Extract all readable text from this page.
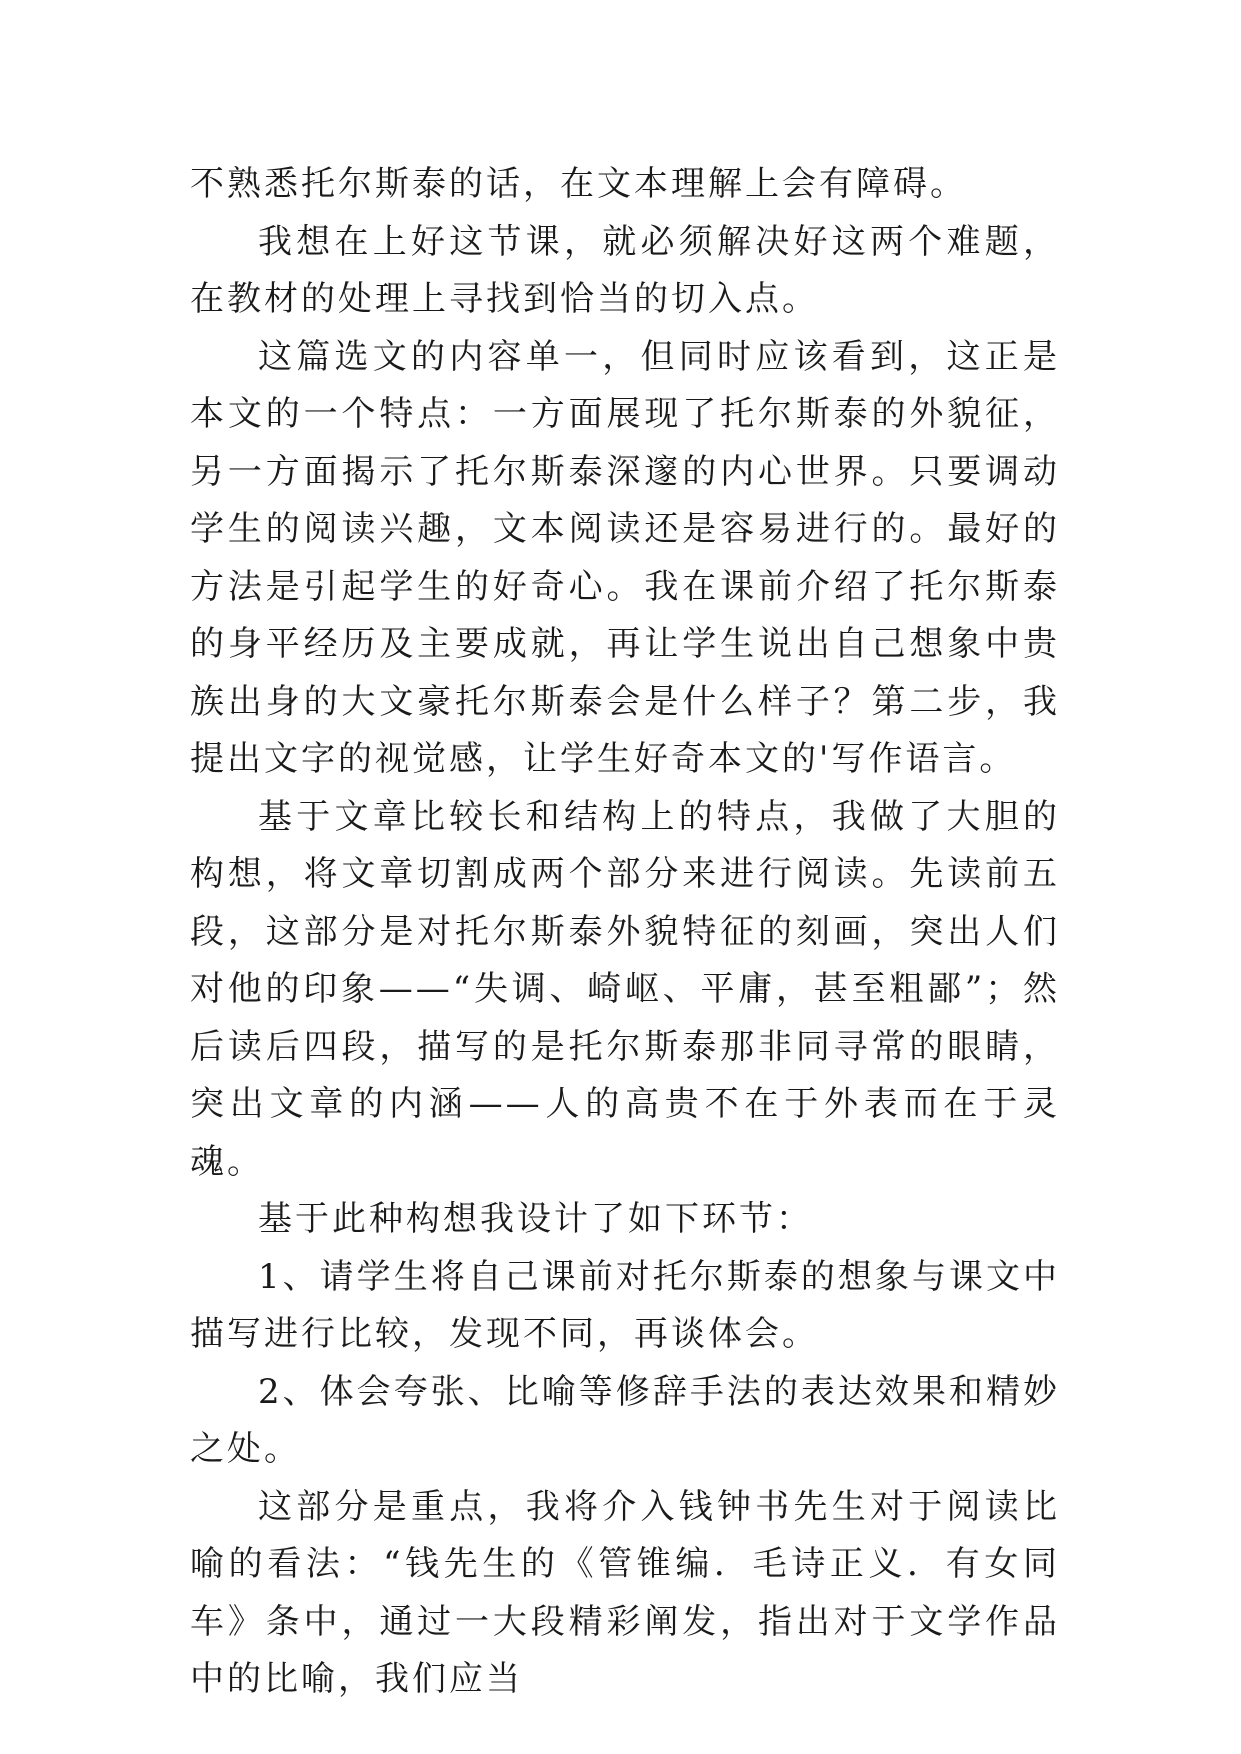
不熟悉托尔斯泰的话，在文本理解上会有障碍。

我想在上好这节课，就必须解决好这两个难题，在教材的处理上寻找到恰当的切入点。

这篇选文的内容单一，但同时应该看到，这正是本文的一个特点：一方面展现了托尔斯泰的外貌征，另一方面揭示了托尔斯泰深邃的内心世界。只要调动学生的阅读兴趣，文本阅读还是容易进行的。最好的方法是引起学生的好奇心。我在课前介绍了托尔斯泰的身平经历及主要成就，再让学生说出自己想象中贵族出身的大文豪托尔斯泰会是什么样子？第二步，我提出文字的视觉感，让学生好奇本文的'写作语言。

基于文章比较长和结构上的特点，我做了大胆的构想，将文章切割成两个部分来进行阅读。先读前五段，这部分是对托尔斯泰外貌特征的刻画，突出人们对他的印象——“失调、崎岖、平庸，甚至粗鄙”；然后读后四段，描写的是托尔斯泰那非同寻常的眼睛，突出文章的内涵——人的高贵不在于外表而在于灵魂。

基于此种构想我设计了如下环节：

1、请学生将自己课前对托尔斯泰的想象与课文中描写进行比较，发现不同，再谈体会。

2、体会夸张、比喻等修辞手法的表达效果和精妙之处。

这部分是重点，我将介入钱钟书先生对于阅读比喻的看法：“钱先生的《管锥编．毛诗正义．有女同车》条中，通过一大段精彩阐发，指出对于文学作品中的比喻，我们应当
